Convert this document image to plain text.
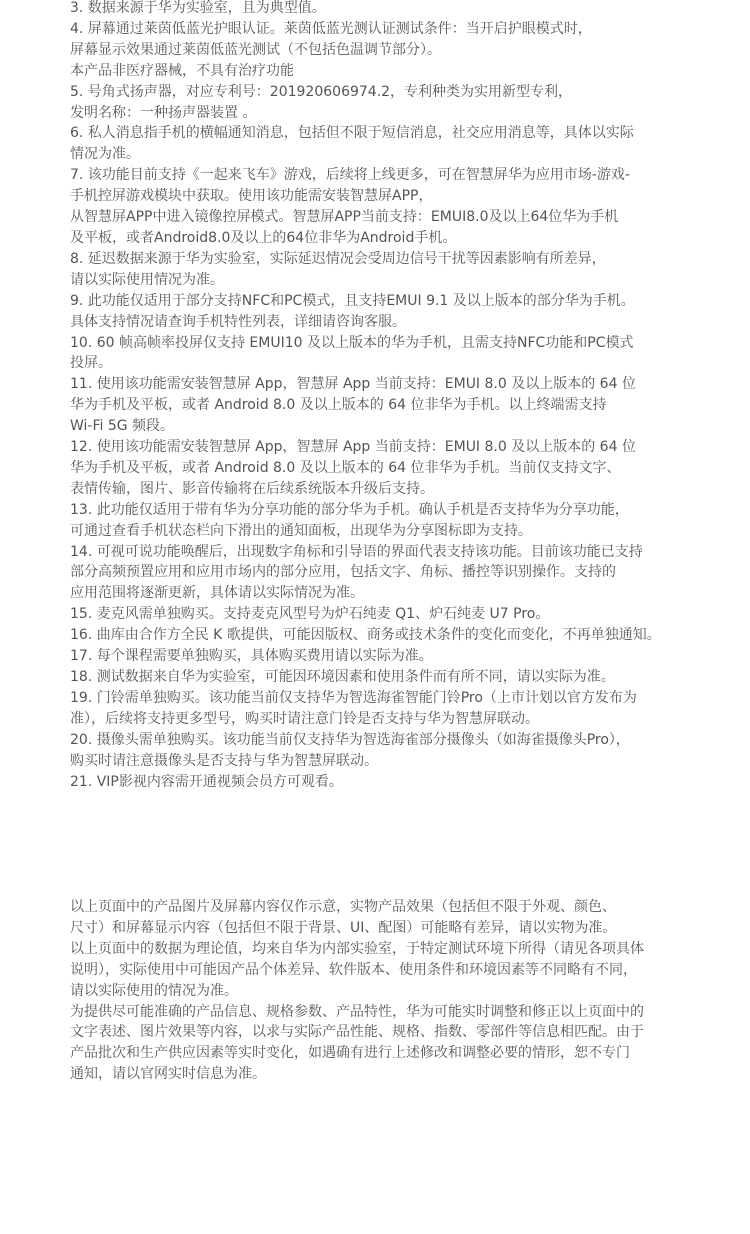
3. 数据来源于华为实验室，且为典型值。
4. 屏幕通过莱茵低蓝光护眼认证。莱茵低蓝光测认证测试条件：当开启护眼模式时，
屏幕显示效果通过莱茵低蓝光测试（不包括色温调节部分）。
本产品非医疗器械，不具有治疗功能
5. 号角式扬声器，对应专利号：201920606974.2，专利种类为实用新型专利，
发明名称：一种扬声器装置 。
6. 私人消息指手机的横幅通知消息，包括但不限于短信消息，社交应用消息等，具体以实际
情况为准。
7. 该功能目前支持《一起来飞车》游戏，后续将上线更多，可在智慧屏华为应用市场-游戏-
手机控屏游戏模块中获取。使用该功能需安装智慧屏APP，
从智慧屏APP中进入镜像控屏模式。智慧屏APP当前支持：EMUI8.0及以上64位华为手机
及平板，或者Android8.0及以上的64位非华为Android手机。
8. 延迟数据来源于华为实验室，实际延迟情况会受周边信号干扰等因素影响有所差异，
请以实际使用情况为准。
9. 此功能仅适用于部分支持NFC和PC模式，且支持EMUI 9.1 及以上版本的部分华为手机。
具体支持情况请查询手机特性列表，详细请咨询客服。
10. 60 帧高帧率投屏仅支持 EMUI10 及以上版本的华为手机，且需支持NFC功能和PC模式
投屏。
11. 使用该功能需安装智慧屏 App，智慧屏 App 当前支持：EMUI 8.0 及以上版本的 64 位
华为手机及平板，或者 Android 8.0 及以上版本的 64 位非华为手机。以上终端需支持
Wi-Fi 5G 频段。
12. 使用该功能需安装智慧屏 App，智慧屏 App 当前支持：EMUI 8.0 及以上版本的 64 位
华为手机及平板，或者 Android 8.0 及以上版本的 64 位非华为手机。当前仅支持文字、
表情传输，图片、影音传输将在后续系统版本升级后支持。
13. 此功能仅适用于带有华为分享功能的部分华为手机。确认手机是否支持华为分享功能，
可通过查看手机状态栏向下滑出的通知面板，出现华为分享图标即为支持。
14. 可视可说功能唤醒后，出现数字角标和引导语的界面代表支持该功能。目前该功能已支持
部分高频预置应用和应用市场内的部分应用，包括文字、角标、播控等识别操作。支持的
应用范围将逐渐更新，具体请以实际情况为准。
15. 麦克风需单独购买。支持麦克风型号为炉石纯麦 Q1、炉石纯麦 U7 Pro。
16. 曲库由合作方全民 K 歌提供，可能因版权、商务或技术条件的变化而变化，不再单独通知。
17. 每个课程需要单独购买，具体购买费用请以实际为准。
18. 测试数据来自华为实验室，可能因环境因素和使用条件而有所不同，请以实际为准。
19. 门铃需单独购买。该功能当前仅支持华为智选海雀智能门铃Pro（上市计划以官方发布为
准），后续将支持更多型号，购买时请注意门铃是否支持与华为智慧屏联动。
20. 摄像头需单独购买。该功能当前仅支持华为智选海雀部分摄像头（如海雀摄像头Pro），
购买时请注意摄像头是否支持与华为智慧屏联动。
21. VIP影视内容需开通视频会员方可观看。
以上页面中的产品图片及屏幕内容仅作示意，实物产品效果（包括但不限于外观、颜色、
尺寸）和屏幕显示内容（包括但不限于背景、UI、配图）可能略有差异，请以实物为准。
以上页面中的数据为理论值，均来自华为内部实验室，于特定测试环境下所得（请见各项具体
说明），实际使用中可能因产品个体差异、软件版本、使用条件和环境因素等不同略有不同，
请以实际使用的情况为准。
为提供尽可能准确的产品信息、规格参数、产品特性，华为可能实时调整和修正以上页面中的
文字表述、图片效果等内容，以求与实际产品性能、规格、指数、零部件等信息相匹配。由于
产品批次和生产供应因素等实时变化，如遇确有进行上述修改和调整必要的情形，恕不专门
通知，请以官网实时信息为准。
